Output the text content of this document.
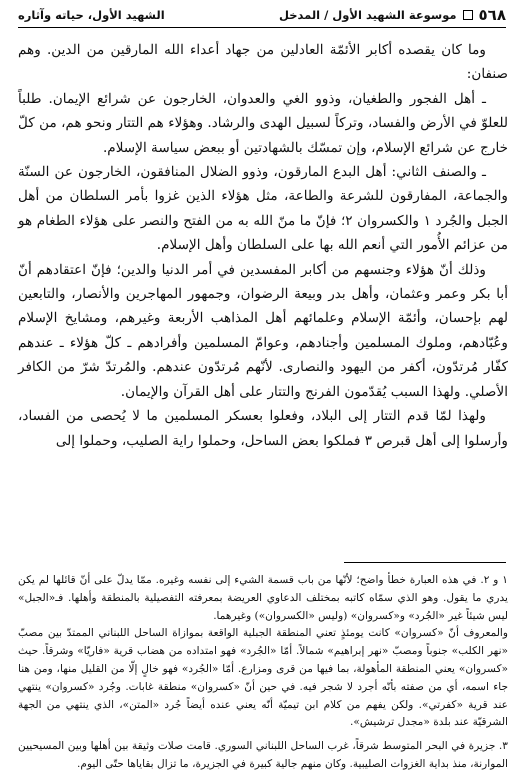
٥٦٨
موسوعة الشهيد الأول / المدخل
الشهيد الأول، حياته وآثاره

وما كان يقصده أكابر الأئمّة العادلين من جهاد أعداء الله المارقين من الدين. وهم صنفان:

ـ أهل الفجور والطغيان، وذوو الغي والعدوان، الخارجون عن شرائع الإيمان. طلباً للعلوّ في الأرض والفساد، وتركاً لسبيل الهدى والرشاد. وهؤلاء هم التتار ونحو هم، من كلّ خارج عن شرائع الإسلام، وإن تمسّك بالشهادتين أو ببعض سياسة الإسلام.

ـ والصنف الثاني: أهل البدع المارقون، وذوو الضلال المنافقون، الخارجون عن السنّة والجماعة، المفارقون للشرعة والطاعة، مثل هؤلاء الذين غزوا بأمر السلطان من أهل الجبل والجُرد ١ والكسروان ٢؛ فإنّ ما منّ الله به من الفتح والنصر على هؤلاء الطغام هو من عزائم الأُمور التي أنعم الله بها على السلطان وأهل الإسلام.

وذلك أنّ هؤلاء وجنسهم من أكابر المفسدين في أمر الدنيا والدين؛ فإنّ اعتقادهم أنّ أبا بكر وعمر وعثمان، وأهل بدر وبيعة الرضوان، وجمهور المهاجرين والأنصار، والتابعين لهم بإحسان، وأئمّة الإسلام وعلمائهم أهل المذاهب الأربعة وغيرهم، ومشايخ الإسلام وعُبّادهم، وملوك المسلمين وأجنادهم، وعوامّ المسلمين وأفرادهم ـ كلّ هؤلاء ـ عندهم كفّار مُرتدّون، أكفر من اليهود والنصارى. لأنّهم مُرتدّون عندهم. والمُرتدّ شرّ من الكافر الأصلي. ولهذا السبب يُقدّمون الفرنج والتتار على أهل القرآن والإيمان.

ولهذا لمّا قدم التتار إلى البلاد، وفعلوا بعسكر المسلمين ما لا يُحصى من الفساد، وأرسلوا إلى أهل قبرص ٣ فملكوا بعض الساحل، وحملوا راية الصليب، وحملوا إلى

١ و ٢. في هذه العبارة خطأ واضح؛ لأنّها من باب قسمة الشيء إلى نفسه وغيره. ممّا يدلّ على أنّ قائلها لم يكن يدري ما يقول. وهو الذي سمّاه كاتبه بمختلف الدعاوي العريضة بمعرفته التفصيلية بالمنطقة وأهلها. فـ«الجبل» ليس شيئاً غير «الجُرد» و«كسروان» (وليس «الكسروان») وغيرهما.

والمعروف أنّ «كسروان» كانت يومئذٍ تعني المنطقة الجبلية الواقعة بموازاة الساحل اللبناني الممتدّ بين مصبّ «نهر الكلب» جنوباً ومصبّ «نهر إبراهيم» شمالاً. أمّا «الجُرد» فهو امتداده من هضاب قرية «فاريّا» وشرقاً. حيث «كسروان» يعني المنطقة المأهولة، بما فيها من قرى ومزارع. أمّا «الجُرد» فهو خالٍ إلّا من القليل منها، ومن هنا جاء اسمه، أي من صفته بأنّه أجرد لا شجر فيه. في حين أنّ «كسروان» منطقة غابات. وجُرد «كسروان» ينتهي عند قرية «كفرتي». ولكن يفهم من كلام ابن تيميّة أنّه يعني عنده أيضاً جُرد «المتن»، الذي ينتهي من الجهة الشرقيّة عند بلدة «مجدل ترشيش».

٣. جزيرة في البحر المتوسط شرقاً، غرب الساحل اللبناني السوري. قامت صلات وثيقة بين أهلها وبين المسيحيين الموارنة، منذ بداية الغزوات الصليبية. وكان منهم جالية كبيرة في الجزيرة، ما تزال بقاياها حتّى اليوم.
